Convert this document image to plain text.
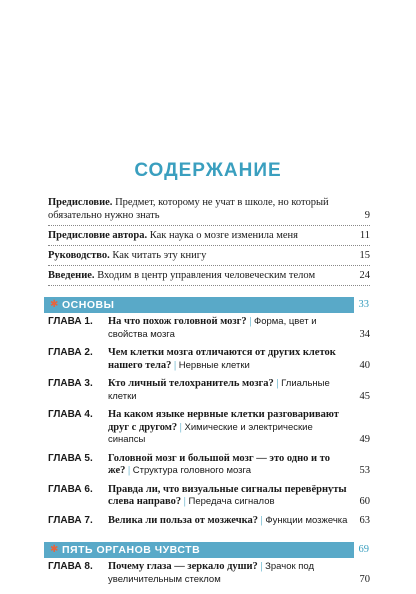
СОДЕРЖАНИЕ
Предисловие. Предмет, которому не учат в школе, но который обязательно нужно знать	9
Предисловие автора. Как наука о мозге изменила меня	11
Руководство. Как читать эту книгу	15
Введение. Входим в центр управления человеческим телом	24
✱ ОСНОВЫ	33
ГЛАВА 1. На что похож головной мозг? | Форма, цвет и свойства мозга	34
ГЛАВА 2. Чем клетки мозга отличаются от других клеток нашего тела? | Нервные клетки	40
ГЛАВА 3. Кто личный телохранитель мозга? | Глиальные клетки	45
ГЛАВА 4. На каком языке нервные клетки разговаривают друг с другом? | Химические и электрические синапсы	49
ГЛАВА 5. Головной мозг и большой мозг — это одно и то же? | Структура головного мозга	53
ГЛАВА 6. Правда ли, что визуальные сигналы перевёрнуты слева направо? | Передача сигналов	60
ГЛАВА 7. Велика ли польза от мозжечка? | Функции мозжечка 63
✱ ПЯТЬ ОРГАНОВ ЧУВСТВ	69
ГЛАВА 8. Почему глаза — зеркало души? | Зрачок под увеличительным стеклом	70
